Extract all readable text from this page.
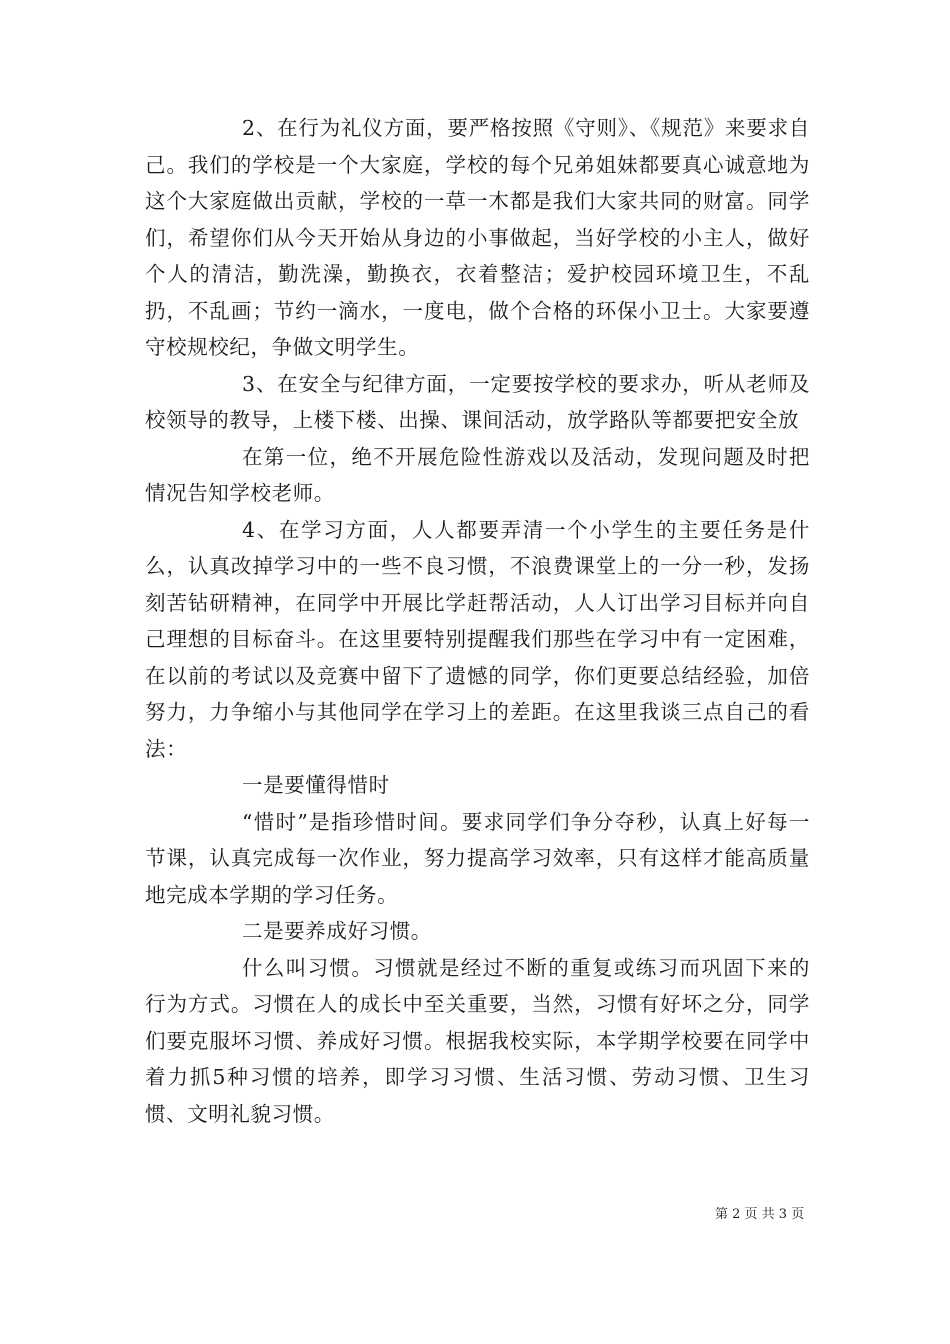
2、在行为礼仪方面，要严格按照《守则》、《规范》来要求自己。我们的学校是一个大家庭，学校的每个兄弟姐妹都要真心诚意地为这个大家庭做出贡献，学校的一草一木都是我们大家共同的财富。同学们，希望你们从今天开始从身边的小事做起，当好学校的小主人，做好个人的清洁，勤洗澡，勤换衣，衣着整洁；爱护校园环境卫生，不乱扔，不乱画；节约一滴水，一度电，做个合格的环保小卫士。大家要遵守校规校纪，争做文明学生。

3、在安全与纪律方面，一定要按学校的要求办，听从老师及校领导的教导，上楼下楼、出操、课间活动，放学路队等都要把安全放

在第一位，绝不开展危险性游戏以及活动，发现问题及时把情况告知学校老师。

4、在学习方面，人人都要弄清一个小学生的主要任务是什么，认真改掉学习中的一些不良习惯，不浪费课堂上的一分一秒，发扬刻苦钻研精神，在同学中开展比学赶帮活动，人人订出学习目标并向自己理想的目标奋斗。在这里要特别提醒我们那些在学习中有一定困难，在以前的考试以及竞赛中留下了遗憾的同学，你们更要总结经验，加倍努力，力争缩小与其他同学在学习上的差距。在这里我谈三点自己的看法：

一是要懂得惜时

“惜时”是指珍惜时间。要求同学们争分夺秒，认真上好每一节课，认真完成每一次作业，努力提高学习效率，只有这样才能高质量地完成本学期的学习任务。

二是要养成好习惯。

什么叫习惯。习惯就是经过不断的重复或练习而巩固下来的行为方式。习惯在人的成长中至关重要，当然，习惯有好坏之分，同学们要克服坏习惯、养成好习惯。根据我校实际，本学期学校要在同学中着力抓5种习惯的培养，即学习习惯、生活习惯、劳动习惯、卫生习惯、文明礼貌习惯。

第 2 页 共 3 页
